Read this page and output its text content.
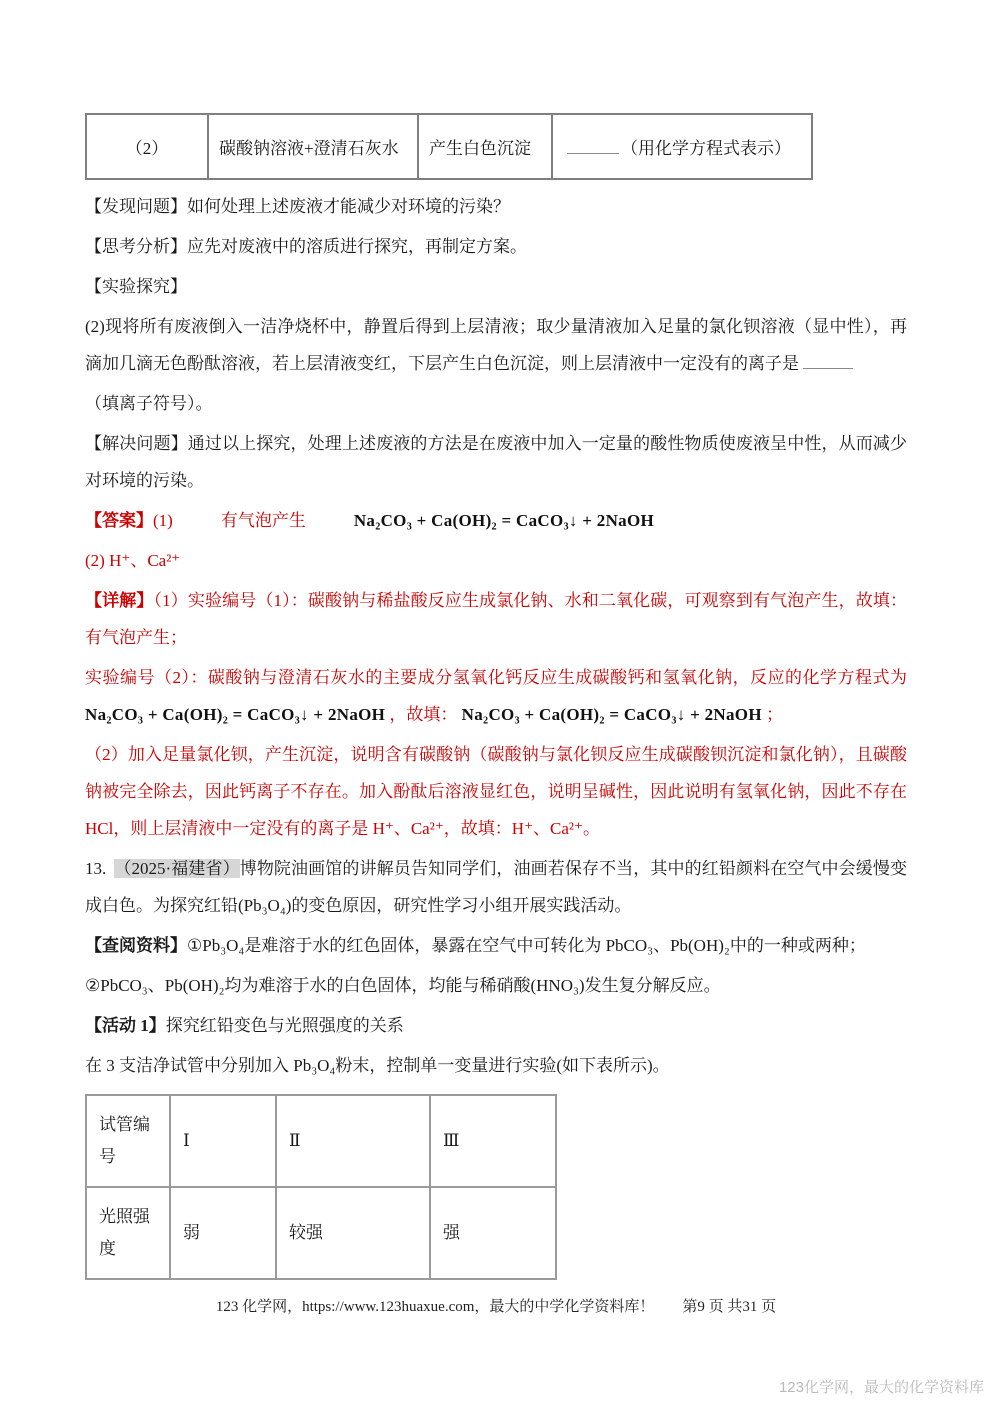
（2）	碳酸钠溶液+澄清石灰水	产生白色沉淀	（用化学方程式表示）

【发现问题】如何处理上述废液才能减少对环境的污染？

【思考分析】应先对废液中的溶质进行探究，再制定方案。

【实验探究】

(2)现将所有废液倒入一洁净烧杯中，静置后得到上层清液；取少量清液加入足量的氯化钡溶液（显中性），再滴加几滴无色酚酞溶液，若上层清液变红，下层产生白色沉淀，则上层清液中一定没有的离子是

（填离子符号）。

【解决问题】通过以上探究，处理上述废液的方法是在废液中加入一定量的酸性物质使废液呈中性，从而减少对环境的污染。

【答案】(1)	有气泡产生	Na₂CO₃ + Ca(OH)₂ = CaCO₃↓ + 2NaOH

(2) H⁺、Ca²⁺

【详解】（1）实验编号（1）：碳酸钠与稀盐酸反应生成氯化钠、水和二氧化碳，可观察到有气泡产生，故填：有气泡产生；

实验编号（2）：碳酸钠与澄清石灰水的主要成分氢氧化钙反应生成碳酸钙和氢氧化钠，反应的化学方程式为 Na₂CO₃ + Ca(OH)₂ = CaCO₃↓ + 2NaOH ，故填： Na₂CO₃ + Ca(OH)₂ = CaCO₃↓ + 2NaOH ；

（2）加入足量氯化钡，产生沉淀，说明含有碳酸钠（碳酸钠与氯化钡反应生成碳酸钡沉淀和氯化钠），且碳酸钠被完全除去，因此钙离子不存在。加入酚酞后溶液显红色，说明呈碱性，因此说明有氢氧化钠，因此不存在 HCl，则上层清液中一定没有的离子是 H⁺、Ca²⁺，故填：H⁺、Ca²⁺。

13. （2025·福建省）博物院油画馆的讲解员告知同学们，油画若保存不当，其中的红铅颜料在空气中会缓慢变成白色。为探究红铅(Pb₃O₄)的变色原因，研究性学习小组开展实践活动。

【查阅资料】①Pb₃O₄是难溶于水的红色固体，暴露在空气中可转化为 PbCO₃、Pb(OH)₂中的一种或两种；

②PbCO₃、Pb(OH)₂均为难溶于水的白色固体，均能与稀硝酸(HNO₃)发生复分解反应。

【活动 1】探究红铅变色与光照强度的关系

在 3 支洁净试管中分别加入 Pb₃O₄粉末，控制单一变量进行实验(如下表所示)。

试管编号	Ⅰ	Ⅱ	Ⅲ
光照强度	弱	较强	强
123 化学网，https://www.123huaxue.com，最大的中学化学资料库！ 第9 页 共31 页
123化学网，最大的化学资料库
